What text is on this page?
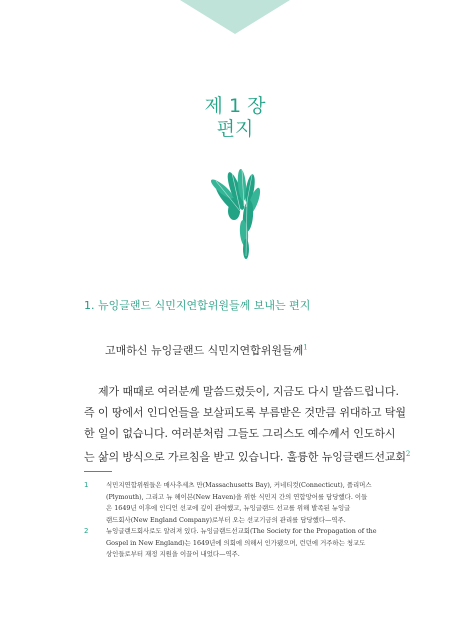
제 1 장
편지
1. 뉴잉글랜드 식민지연합위원들께 보내는 편지
고매하신 뉴잉글랜드 식민지연합위원들께$^1$
제가 때때로 여러분께 말씀드렸듯이, 지금도 다시 말씀드립니다.
즉 이 땅에서 인디언들을 보살피도록 부름받은 것만큼 위대하고 탁월
한 일이 없습니다. 여러분처럼 그들도 그리스도 예수께서 인도하시
는 삶의 방식으로 가르침을 받고 있습니다. 훌륭한 뉴잉글랜드선교회$^2$
1	식민지연합위원들은 매사추세츠 만(Massachusetts Bay), 커네티컷(Connecticut), 플리머스
(Plymouth), 그리고 뉴 헤이븐(New Haven)을 위한 식민지 간의 연합망어를 담당했다. 이들
은 1649년 이후에 인디언 선교에 깊이 관여했고, 뉴잉글랜드 선교를 위해 발족된 뉴잉글
랜드회사(New England Company)로부터 오는 선교기금의 관리를 담당했다—역주.
2	뉴잉글랜드회사로도 알려져 있다. 뉴잉글랜드선교회(The Society for the Propagation of the
Gospel in New England)는 1649년에 의회에 의해서 인가됐으며, 런던에 거주하는 청교도
상인들로부터 재정 지원을 이끌어 내었다—역주.
